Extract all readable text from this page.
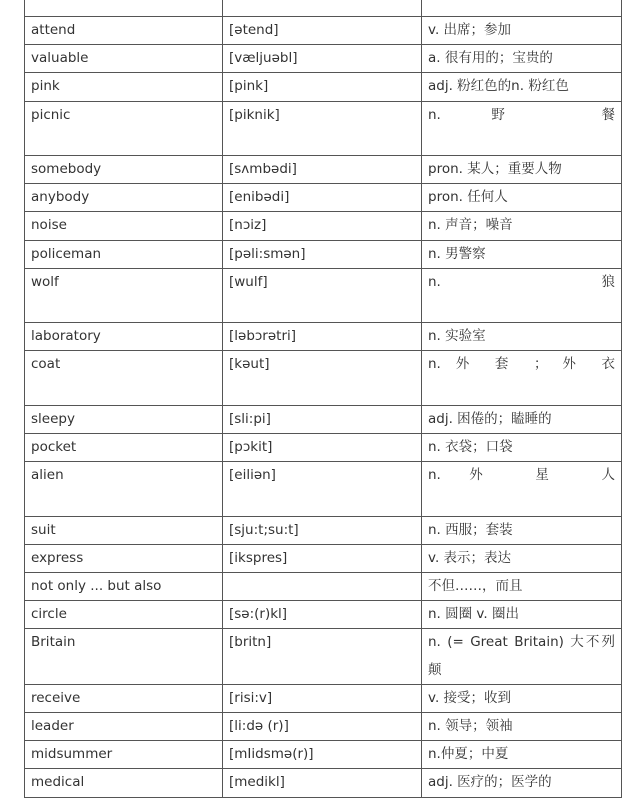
attend	[ətend]	v. 出席；参加

valuable	[væljuəbl]	a. 很有用的；宝贵的

pink	[pink]	adj. 粉红色的n. 粉红色

picnic	[piknik]	n. 野 餐

somebody	[sʌmbədi]	pron. 某人；重要人物

anybody	[enibədi]	pron. 任何人

noise	[nɔiz]	n. 声音；噪音

policeman	[pəli:smən]	n. 男警察

wolf	[wulf]	n. 狼

laboratory	[ləbɔrətri]	n. 实验室

coat	[kəut]	n. 外 套 ； 外 衣

sleepy	[sli:pi]	adj. 困倦的；瞌睡的

pocket	[pɔkit]	n. 衣袋；口袋

alien	[eiliən]	n. 外 星 人

suit	[sju:t;su:t]	n. 西服；套装

express	[ikspres]	v. 表示；表达

not only ... but also		不但……，而且

circle	[sə:(r)kl]	n. 圆圈 v. 圈出

Britain	[britn]	n. (= Great Britain) 大不列颠

receive	[risi:v]	v. 接受；收到

leader	[li:də (r)]	n. 领导；领袖

midsummer	[mIidsmə(r)]	n.仲夏；中夏

medical	[medikl]	adj. 医疗的；医学的
